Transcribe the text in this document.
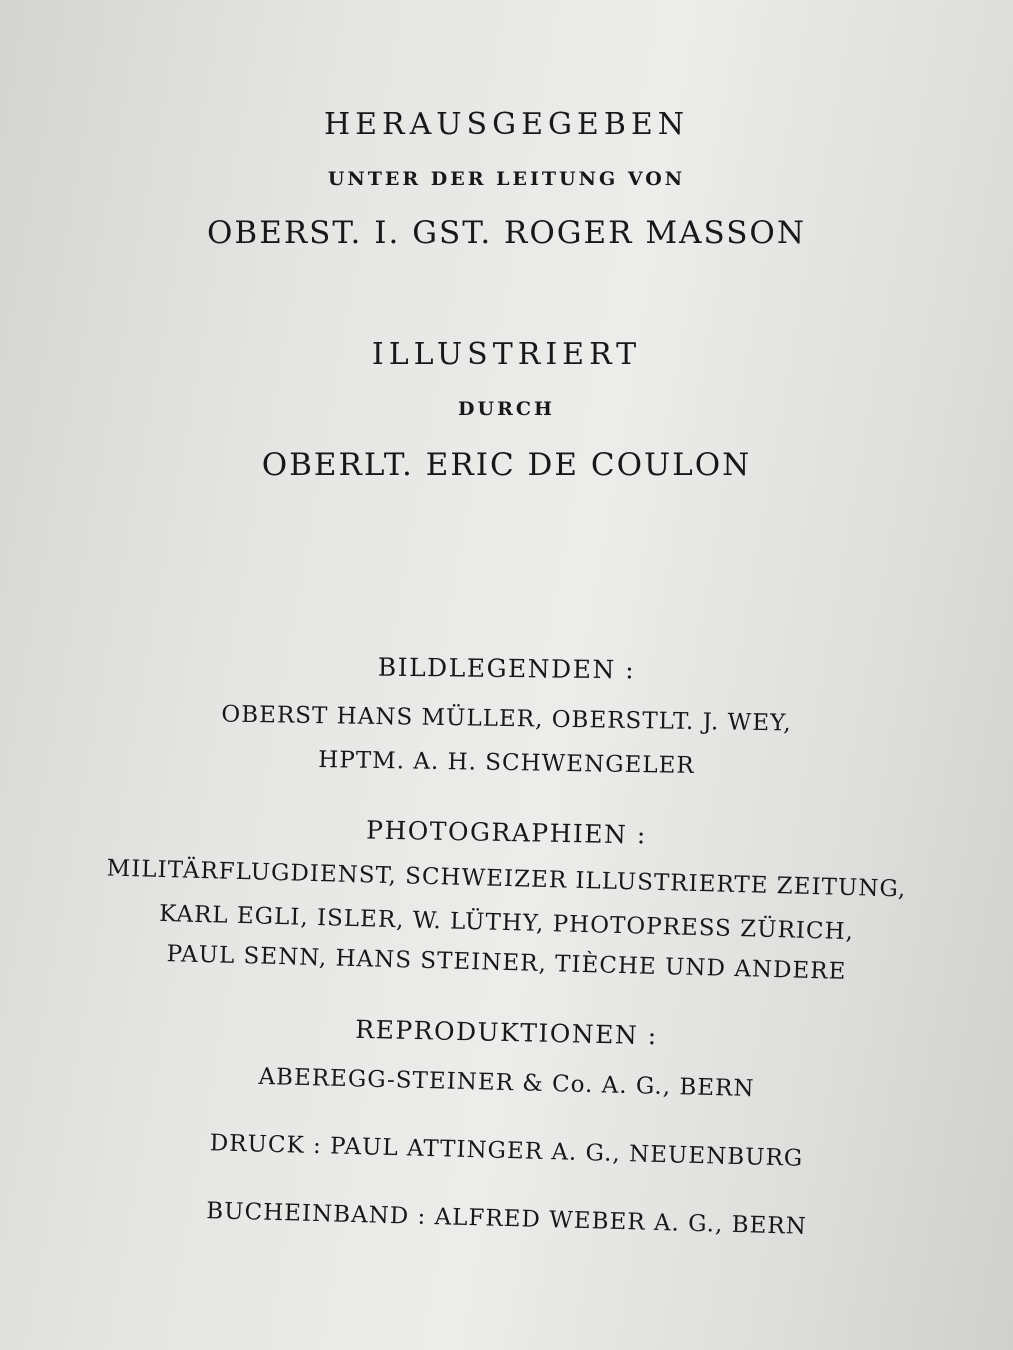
HERAUSGEGEBEN
UNTER DER LEITUNG VON
OBERST. I. GST. ROGER MASSON
ILLUSTRIERT
DURCH
OBERLT. ERIC DE COULON
BILDLEGENDEN :
OBERST HANS MÜLLER, OBERSTLT. J. WEY,
HPTM. A. H. SCHWENGELER
PHOTOGRAPHIEN :
MILITÄRFLUGDIENST, SCHWEIZER ILLUSTRIERTE ZEITUNG,
KARL EGLI, ISLER, W. LÜTHY, PHOTOPRESS ZÜRICH,
PAUL SENN, HANS STEINER, TIÈCHE UND ANDERE
REPRODUKTIONEN :
ABEREGG-STEINER & Co. A. G., BERN
DRUCK : PAUL ATTINGER A. G., NEUENBURG
BUCHEINBAND : ALFRED WEBER A. G., BERN
